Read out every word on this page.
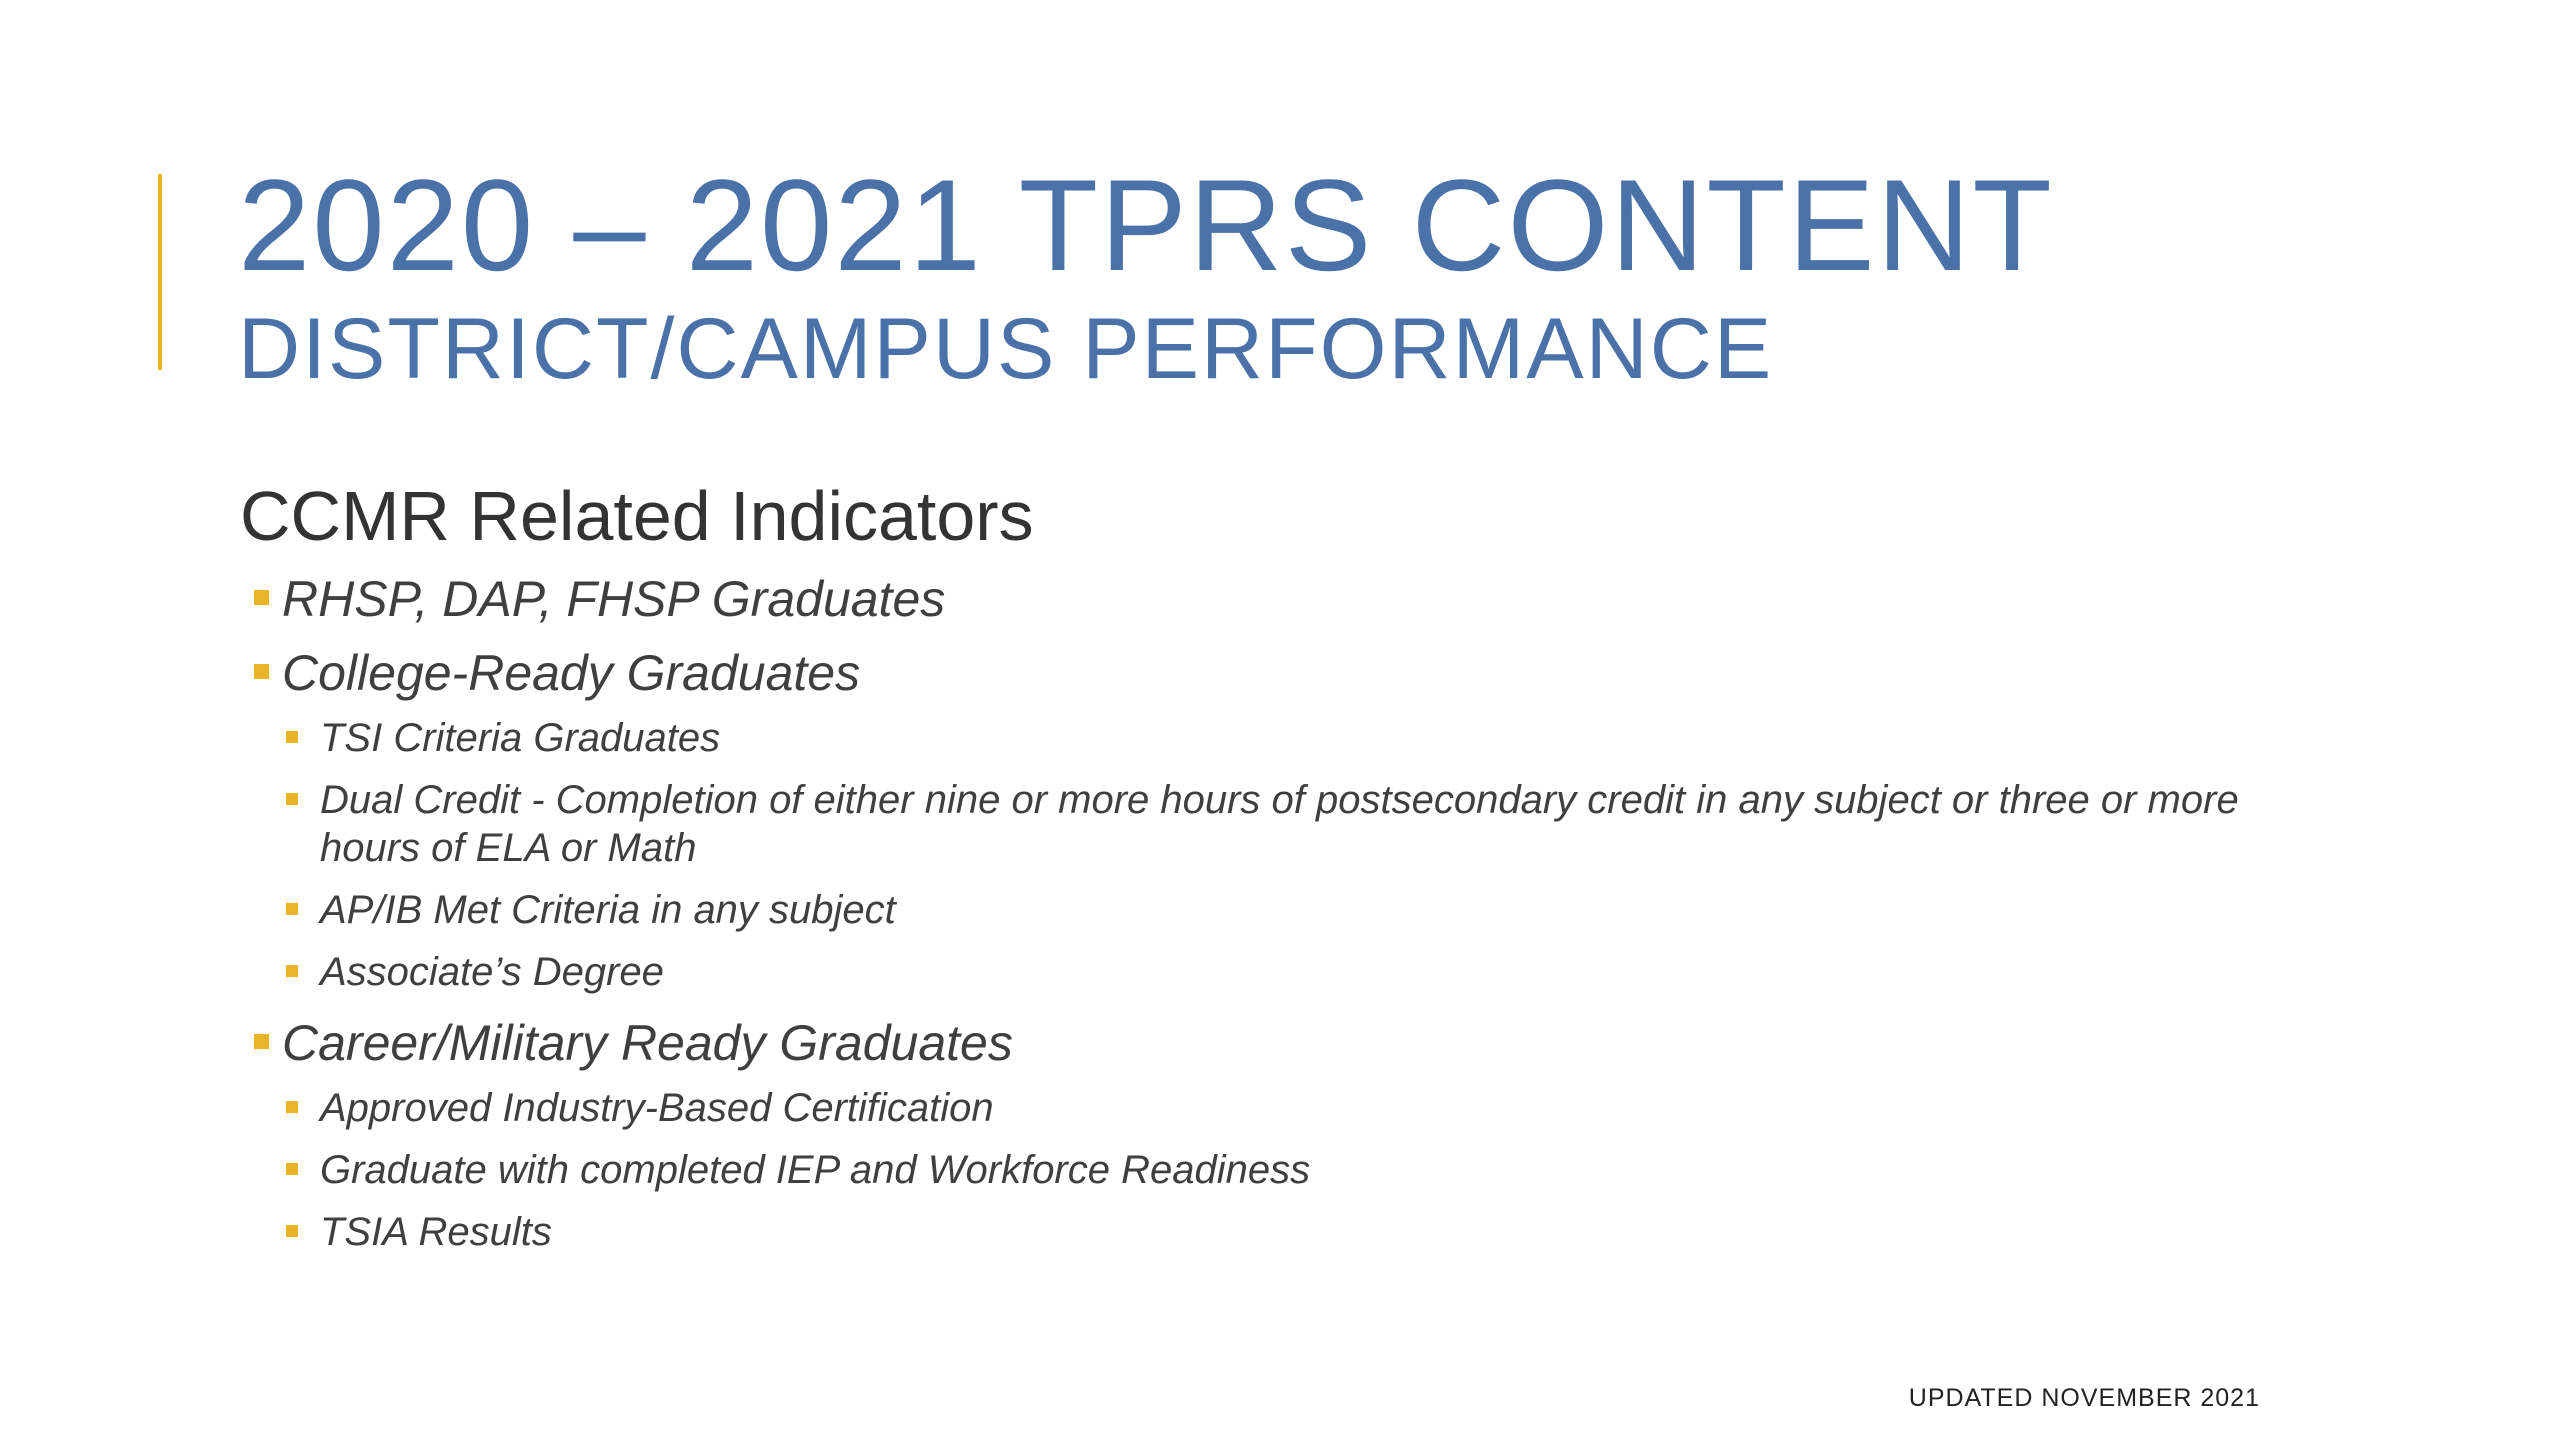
2020 – 2021 TPRS CONTENT
DISTRICT/CAMPUS PERFORMANCE
CCMR Related Indicators
RHSP, DAP, FHSP Graduates
College-Ready Graduates
TSI Criteria Graduates
Dual Credit - Completion of either nine or more hours of postsecondary credit in any subject or three or more hours of ELA or Math
AP/IB Met Criteria in any subject
Associate’s Degree
Career/Military Ready Graduates
Approved Industry-Based Certification
Graduate with completed IEP and Workforce Readiness
TSIA Results
UPDATED NOVEMBER 2021
